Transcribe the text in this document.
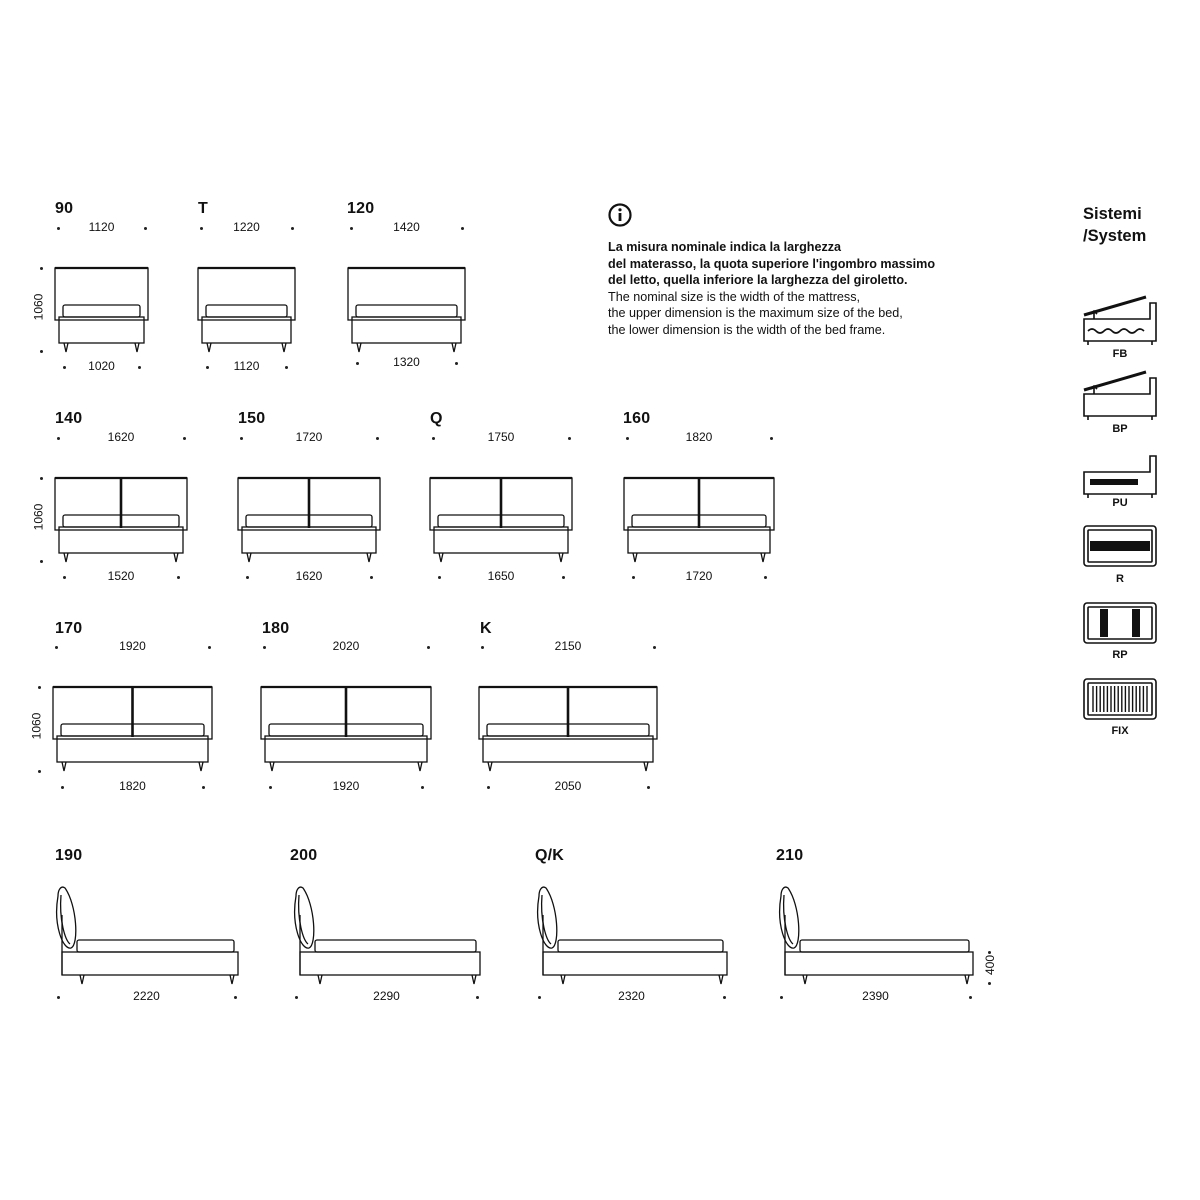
90
1120
1020
1060
T
1220
1120
120
1420
1320
140
1620
1520
1060
150
1720
1620
Q
1750
1650
160
1820
1720
170
1920
1820
1060
180
2020
1920
K
2150
2050
190
2220
200
2290
Q/K
2320
210
2390
400
FB
BP
PU
R
RP
FIX

La misura nominale indica la larghezza

del materasso, la quota superiore l'ingombro massimo

del letto, quella inferiore la larghezza del giroletto.

The nominal size is the width of the mattress,

the upper dimension is the maximum size of the bed,

the lower dimension is the width of the bed frame.

Sistemi
/System
